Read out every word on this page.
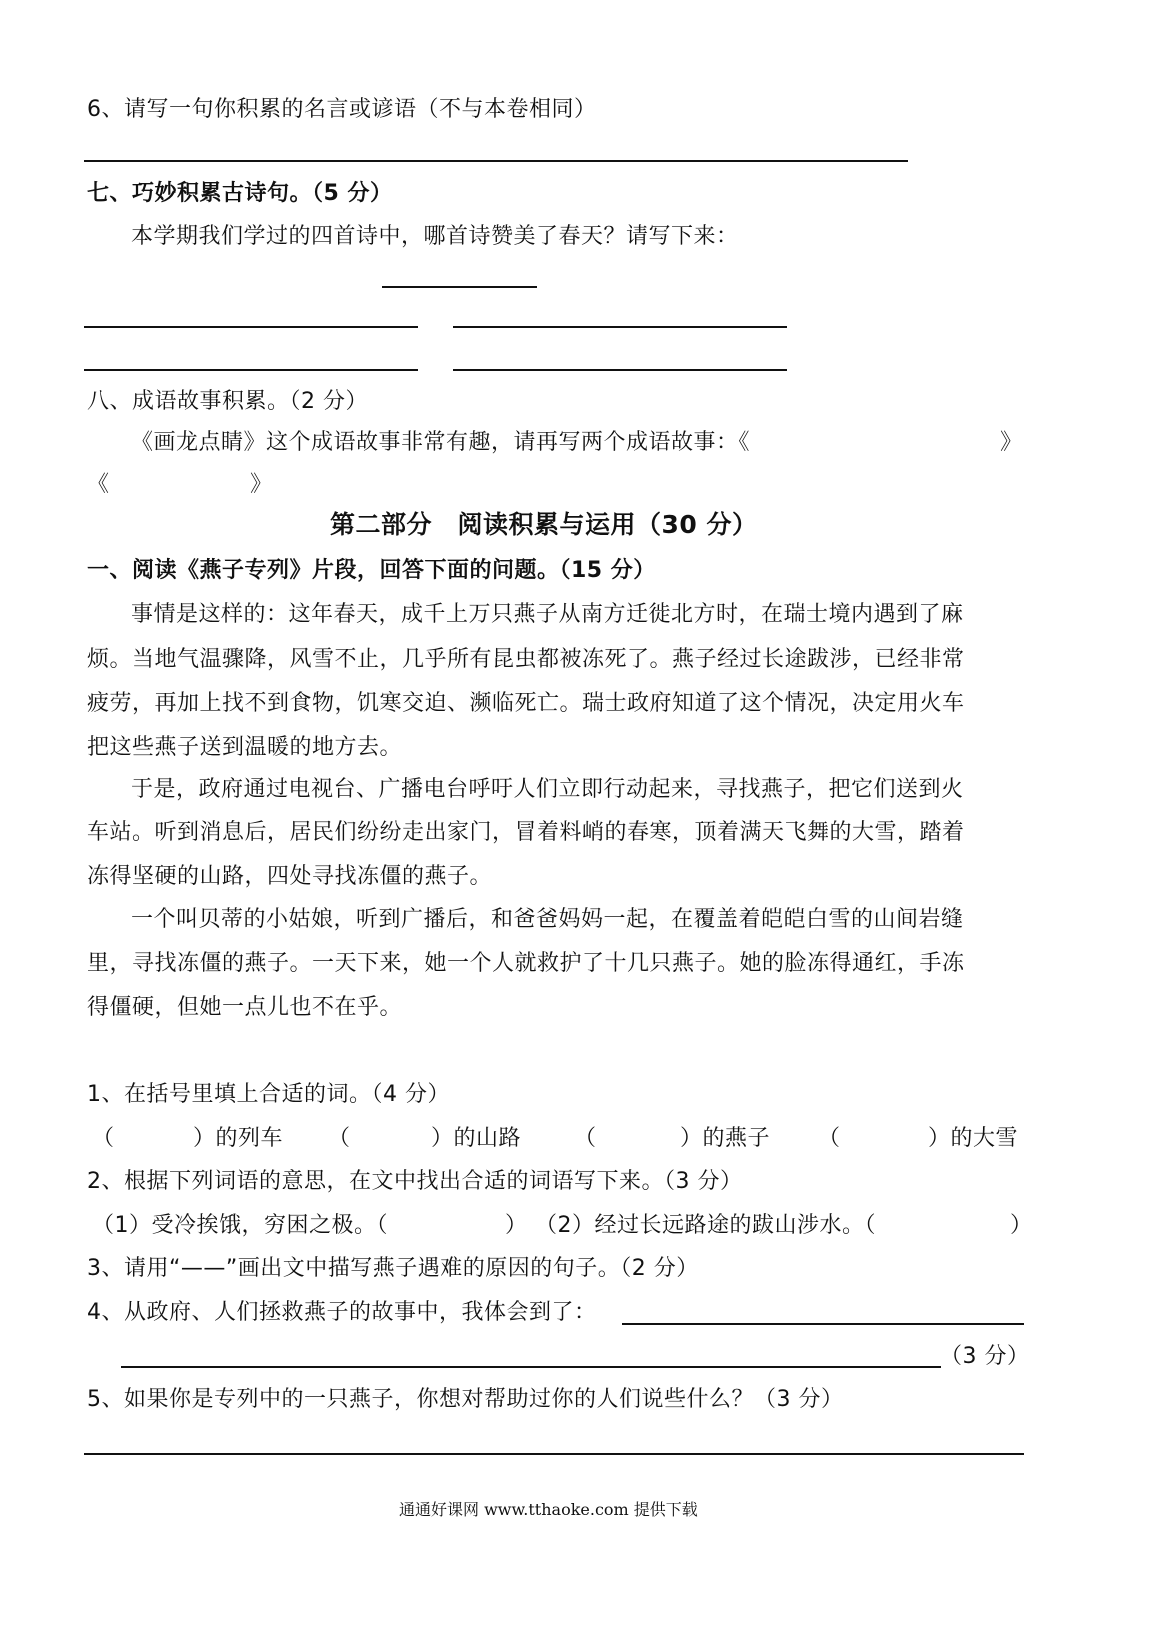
6、请写一句你积累的名言或谚语（不与本卷相同）
七、巧妙积累古诗句。（5 分）
本学期我们学过的四首诗中，哪首诗赞美了春天？请写下来：
八、成语故事积累。（2 分）
《画龙点睛》这个成语故事非常有趣，请再写两个成语故事：《	》
《	》
第二部分　阅读积累与运用（30 分）
一、阅读《燕子专列》片段，回答下面的问题。（15 分）
事情是这样的：这年春天，成千上万只燕子从南方迁徙北方时，在瑞士境内遇到了麻
烦。当地气温骤降，风雪不止，几乎所有昆虫都被冻死了。燕子经过长途跋涉，已经非常
疲劳，再加上找不到食物，饥寒交迫、濒临死亡。瑞士政府知道了这个情况，决定用火车
把这些燕子送到温暖的地方去。
于是，政府通过电视台、广播电台呼吁人们立即行动起来，寻找燕子，把它们送到火
车站。听到消息后，居民们纷纷走出家门，冒着料峭的春寒，顶着满天飞舞的大雪，踏着
冻得坚硬的山路，四处寻找冻僵的燕子。
一个叫贝蒂的小姑娘，听到广播后，和爸爸妈妈一起，在覆盖着皑皑白雪的山间岩缝
里，寻找冻僵的燕子。一天下来，她一个人就救护了十几只燕子。她的脸冻得通红，手冻
得僵硬，但她一点儿也不在乎。
1、在括号里填上合适的词。（4 分）
（	）的列车 （	）的山路 （	）的燕子 （	）的大雪
2、根据下列词语的意思，在文中找出合适的词语写下来。（3 分）
（1）受冷挨饿，穷困之极。（	） （2）经过长远路途的跋山涉水。（	）
3、请用“——”画出文中描写燕子遇难的原因的句子。（2 分）
4、从政府、人们拯救燕子的故事中，我体会到了：
（3 分）
5、如果你是专列中的一只燕子，你想对帮助过你的人们说些什么？（3 分）
通通好课网 www.tthaoke.com 提供下载
